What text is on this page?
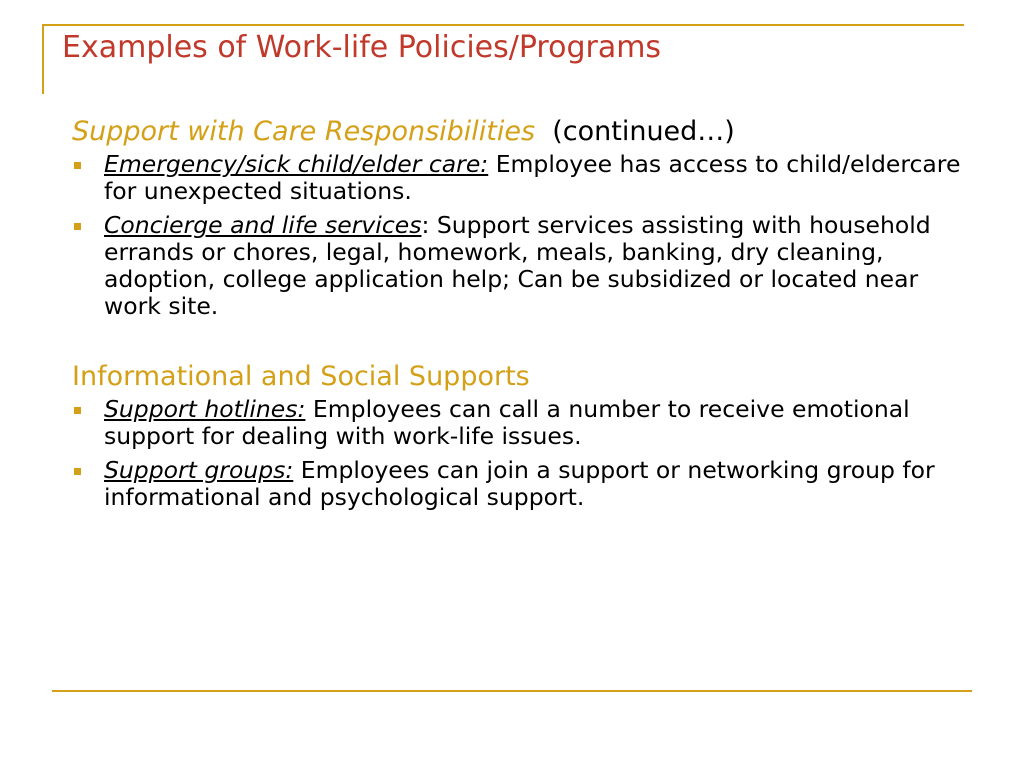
Examples of Work-life Policies/Programs
Support with Care Responsibilities (continued…)
Emergency/sick child/elder care: Employee has access to child/eldercare for unexpected situations.
Concierge and life services: Support services assisting with household errands or chores, legal, homework, meals, banking, dry cleaning, adoption, college application help; Can be subsidized or located near work site.
Informational and Social Supports
Support hotlines: Employees can call a number to receive emotional support for dealing with work-life issues.
Support groups: Employees can join a support or networking group for informational and psychological support.
